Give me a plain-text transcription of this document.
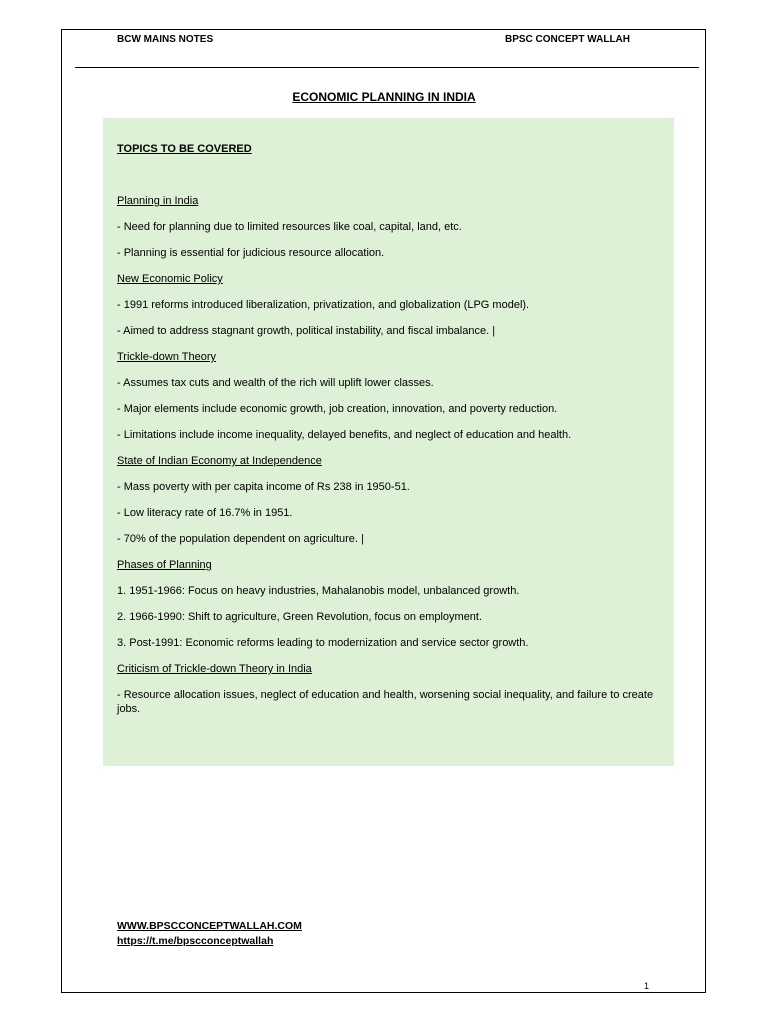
BCW MAINS NOTES	BPSC CONCEPT WALLAH
ECONOMIC PLANNING IN INDIA
TOPICS TO BE COVERED
Planning in India
- Need for planning due to limited resources like coal, capital, land, etc.
- Planning is essential for judicious resource allocation.
New Economic Policy
- 1991 reforms introduced liberalization, privatization, and globalization (LPG model).
- Aimed to address stagnant growth, political instability, and fiscal imbalance. |
Trickle-down Theory
- Assumes tax cuts and wealth of the rich will uplift lower classes.
- Major elements include economic growth, job creation, innovation, and poverty reduction.
- Limitations include income inequality, delayed benefits, and neglect of education and health.
State of Indian Economy at Independence
- Mass poverty with per capita income of Rs 238 in 1950-51.
- Low literacy rate of 16.7% in 1951.
- 70% of the population dependent on agriculture. |
Phases of Planning
1. 1951-1966: Focus on heavy industries, Mahalanobis model, unbalanced growth.
2. 1966-1990: Shift to agriculture, Green Revolution, focus on employment.
3. Post-1991: Economic reforms leading to modernization and service sector growth.
Criticism of Trickle-down Theory in India
- Resource allocation issues, neglect of education and health, worsening social inequality, and failure to create jobs.
WWW.BPSCCONCEPTWALLAH.COM
https://t.me/bpscconceptwallah
1
